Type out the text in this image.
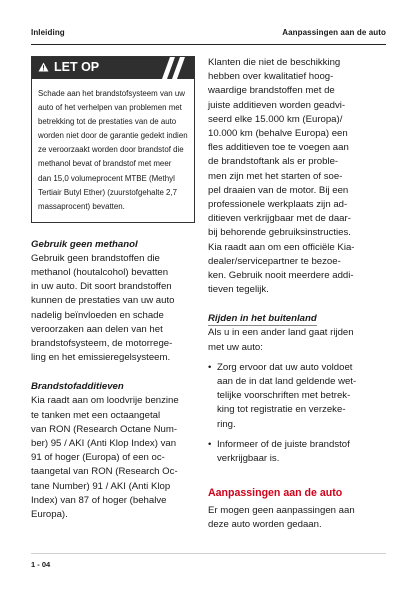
Inleiding	Aanpassingen aan de auto
LET OP
Schade aan het brandstofsysteem van uw
auto of het verhelpen van problemen met
betrekking tot de prestaties van de auto
worden niet door de garantie gedekt indien
ze veroorzaakt worden door brandstof die
methanol bevat of brandstof met meer
dan 15,0 volumeprocent MTBE (Methyl
Tertiair Butyl Ether) (zuurstofgehalte 2,7
massaprocent) bevatten.
Gebruik geen methanol
Gebruik geen brandstoffen die
methanol (houtalcohol) bevatten
in uw auto. Dit soort brandstoffen
kunnen de prestaties van uw auto
nadelig beïnvloeden en schade
veroorzaken aan delen van het
brandstofsysteem, de motorrege-
ling en het emissieregelsysteem.
Brandstofadditieven
Kia raadt aan om loodvrije benzine
te tanken met een octaangetal
van RON (Research Octane Num-
ber) 95 / AKI (Anti Klop Index) van
91 of hoger (Europa) of een oc-
taangetal van RON (Research Oc-
tane Number) 91 / AKI (Anti Klop
Index) van 87 of hoger (behalve
Europa).
Klanten die niet de beschikking
hebben over kwalitatief hoog-
waardige brandstoffen met de
juiste additieven worden geadvi-
seerd elke 15.000 km (Europa)/
10.000 km (behalve Europa) een
fles additieven toe te voegen aan
de brandstoftank als er proble-
men zijn met het starten of soe-
pel draaien van de motor. Bij een
professionele werkplaats zijn ad-
ditieven verkrijgbaar met de daar-
bij behorende gebruiksinstructies.
Kia raadt aan om een officiële Kia-
dealer/servicepartner te bezoe-
ken. Gebruik nooit meerdere addi-
tieven tegelijk.
Rijden in het buitenland
Als u in een ander land gaat rijden
met uw auto:
• Zorg ervoor dat uw auto voldoet
aan de in dat land geldende wet-
telijke voorschriften met betrek-
king tot registratie en verzeke-
ring.
• Informeer of de juiste brandstof
verkrijgbaar is.
Aanpassingen aan de auto
Er mogen geen aanpassingen aan
deze auto worden gedaan.
1 - 04
